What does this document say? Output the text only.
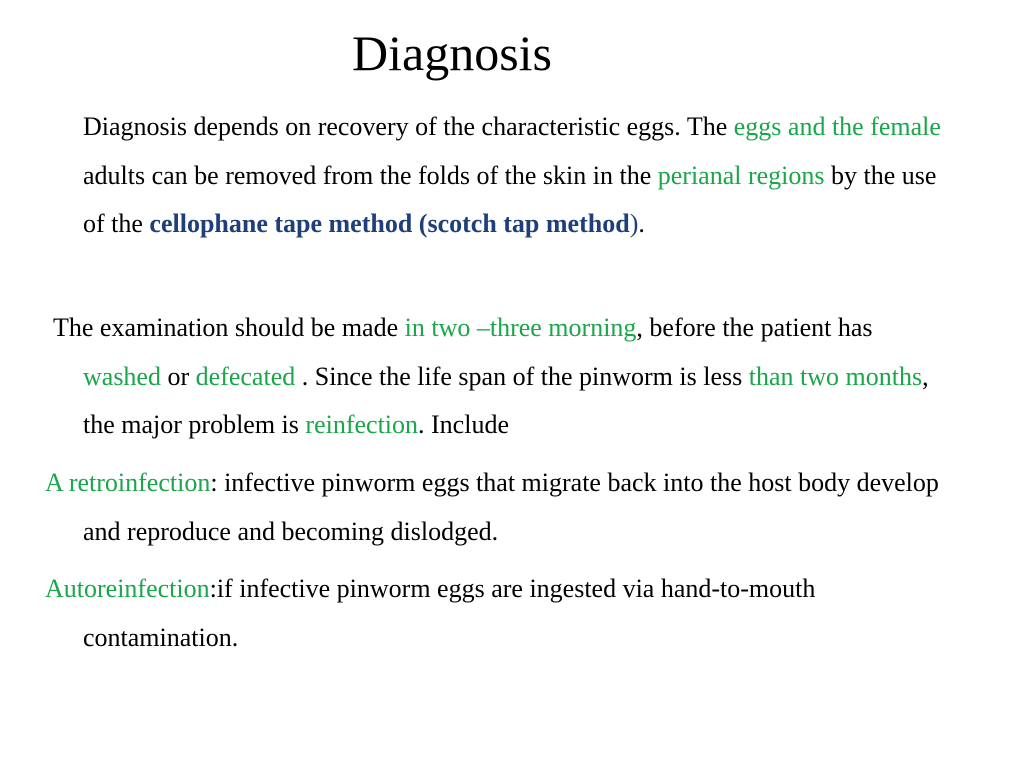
Diagnosis

Diagnosis depends on recovery of the characteristic eggs. The eggs and the female adults can be removed from the folds of the skin in the perianal regions by the use of the cellophane tape method (scotch tap method).

The examination should be made in two –three morning, before the patient has washed or defecated . Since the life span of the pinworm is less than two months, the major problem is reinfection. Include

A retroinfection: infective pinworm eggs that migrate back into the host body develop and reproduce and becoming dislodged.

Autoreinfection:if infective pinworm eggs are ingested via hand-to-mouth contamination.
